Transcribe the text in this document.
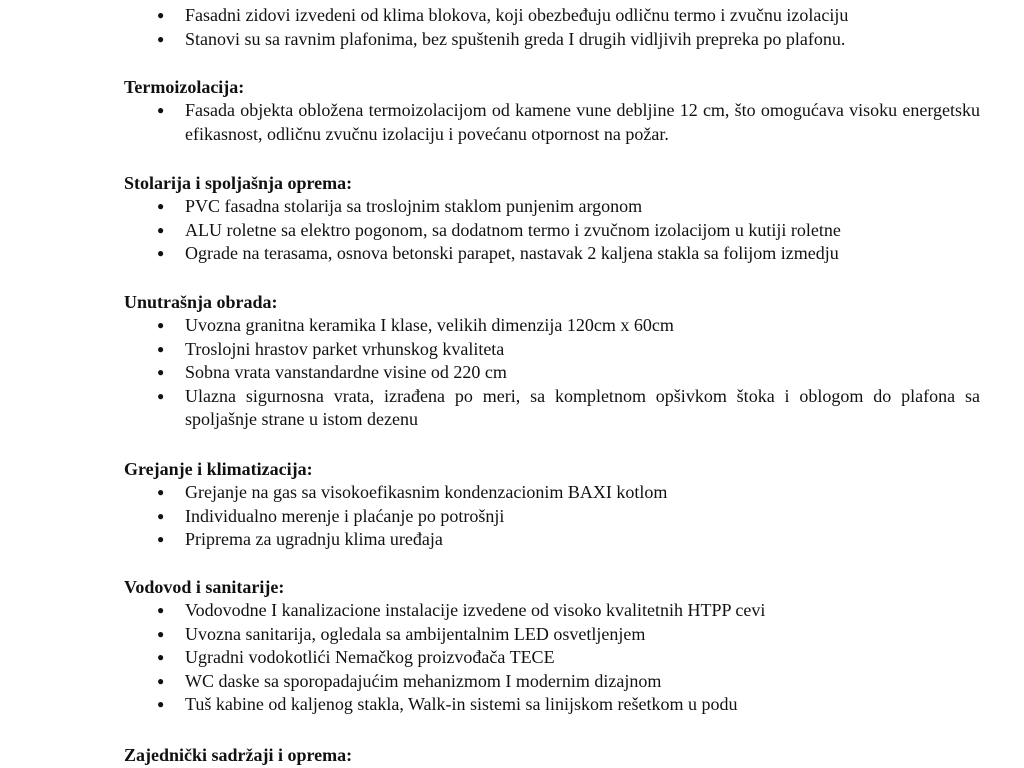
● Fasadni zidovi izvedeni od klima blokova, koji obezbeđuju odličnu termo i zvučnu izolaciju
● Stanovi su sa ravnim plafonima, bez spuštenih greda I drugih vidljivih prepreka po plafonu.
Termoizolacija:
● Fasada objekta obložena termoizolacijom od kamene vune debljine 12 cm, što omogućava visoku energetsku efikasnost, odličnu zvučnu izolaciju i povećanu otpornost na požar.
Stolarija i spoljašnja oprema:
● PVC fasadna stolarija sa troslojnim staklom punjenim argonom
● ALU roletne sa elektro pogonom, sa dodatnom termo i zvučnom izolacijom u kutiji roletne
● Ograde na terasama, osnova betonski parapet, nastavak 2 kaljena stakla sa folijom izmedju
Unutrašnja obrada:
● Uvozna granitna keramika I klase, velikih dimenzija 120cm x 60cm
● Troslojni hrastov parket vrhunskog kvaliteta
● Sobna vrata vanstandardne visine od 220 cm
● Ulazna sigurnosna vrata, izrađena po meri, sa kompletnom opšivkom štoka i oblogom do plafona sa spoljašnje strane u istom dezenu
Grejanje i klimatizacija:
● Grejanje na gas sa visokoefikasnim kondenzacionim BAXI kotlom
● Individualno merenje i plaćanje po potrošnji
● Priprema za ugradnju klima uređaja
Vodovod i sanitarije:
● Vodovodne I kanalizacione instalacije izvedene od visoko kvalitetnih HTPP cevi
● Uvozna sanitarija, ogledala sa ambijentalnim LED osvetljenjem
● Ugradni vodokotlići Nemačkog proizvođača TECE
● WC daske sa sporopadajućim mehanizmom I modernim dizajnom
● Tuš kabine od kaljenog stakla, Walk-in sistemi sa linijskom rešetkom u podu
Zajednički sadržaji i oprema:
